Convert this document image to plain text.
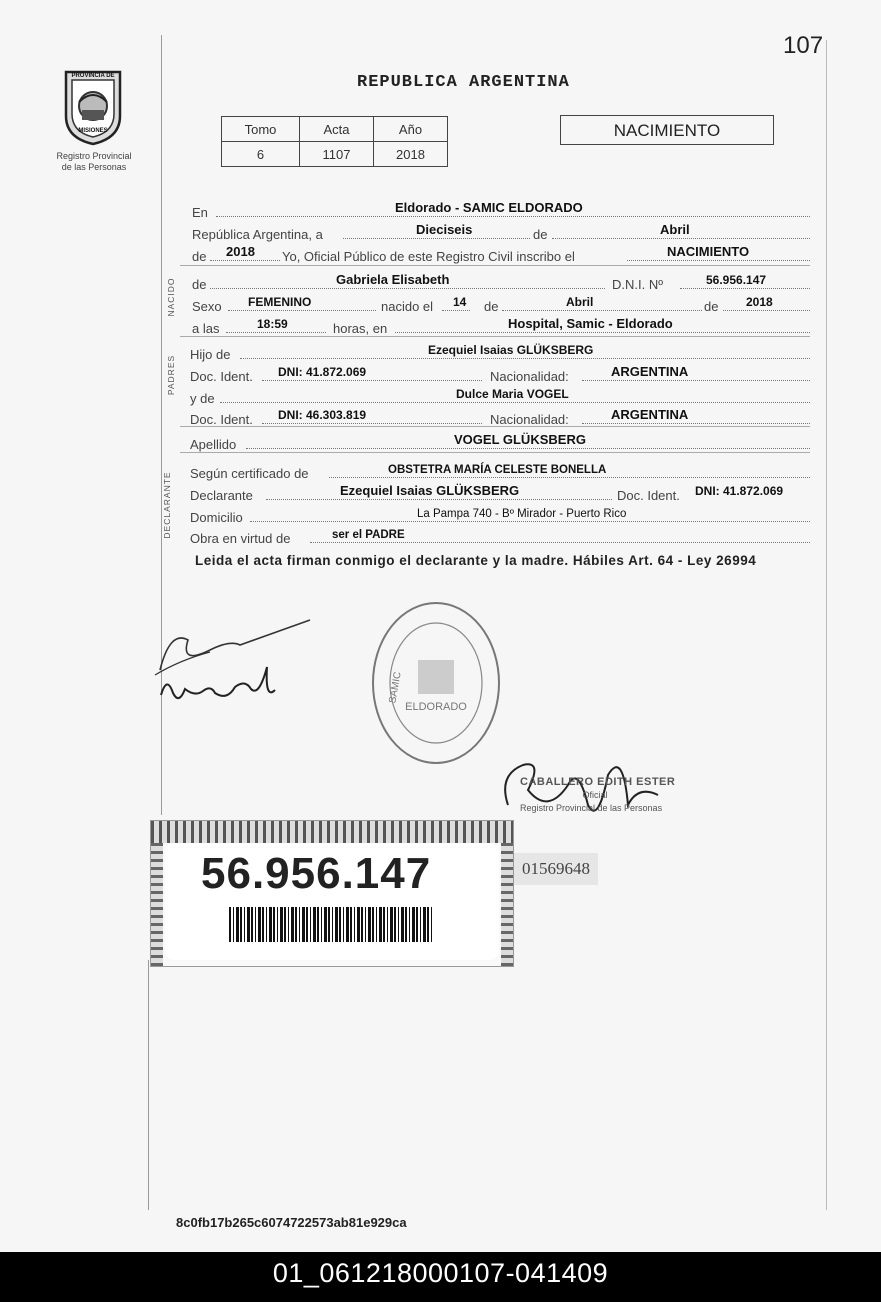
107
PROVINCIA DE
MISIONES
Registro Provincial
de las Personas
REPUBLICA ARGENTINA
Tomo	Acta	Año
6	1107	2018
NACIMIENTO
En	Eldorado - SAMIC ELDORADO
República Argentina, a	Dieciseis	de	Abril
de 2018 Yo, Oficial Público de este Registro Civil inscribo el	NACIMIENTO
NACIDO de	Gabriela Elisabeth	D.N.I. Nº	56.956.147
Sexo FEMENINO	nacido el 14 de	Abril	de 2018
a las	18:59	horas, en	Hospital, Samic - Eldorado
PADRES
Hijo de	Ezequiel Isaias GLÜKSBERG
Doc. Ident. DNI: 41.872.069	Nacionalidad:	ARGENTINA
y de	Dulce Maria VOGEL
Doc. Ident. DNI: 46.303.819	Nacionalidad:	ARGENTINA
Apellido	VOGEL GLÜKSBERG
DECLARANTE Según certificado de	OBSTETRA MARÍA CELESTE BONELLA
Declarante	Ezequiel Isaias GLÜKSBERG	Doc. Ident. DNI: 41.872.069
Domicilio	La Pampa 740 - Bº Mirador - Puerto Rico
Obra en virtud de	ser el PADRE
Leida el acta firman conmigo el declarante y la madre. Hábiles Art. 64 - Ley 26994
ELDORADO
SAMIC
CABALLERO EDITH ESTER
Oficial
Registro Provincial de las Personas
56.956.147	01569648
8c0fb17b265c6074722573ab81e929ca
01_061218000107-041409
